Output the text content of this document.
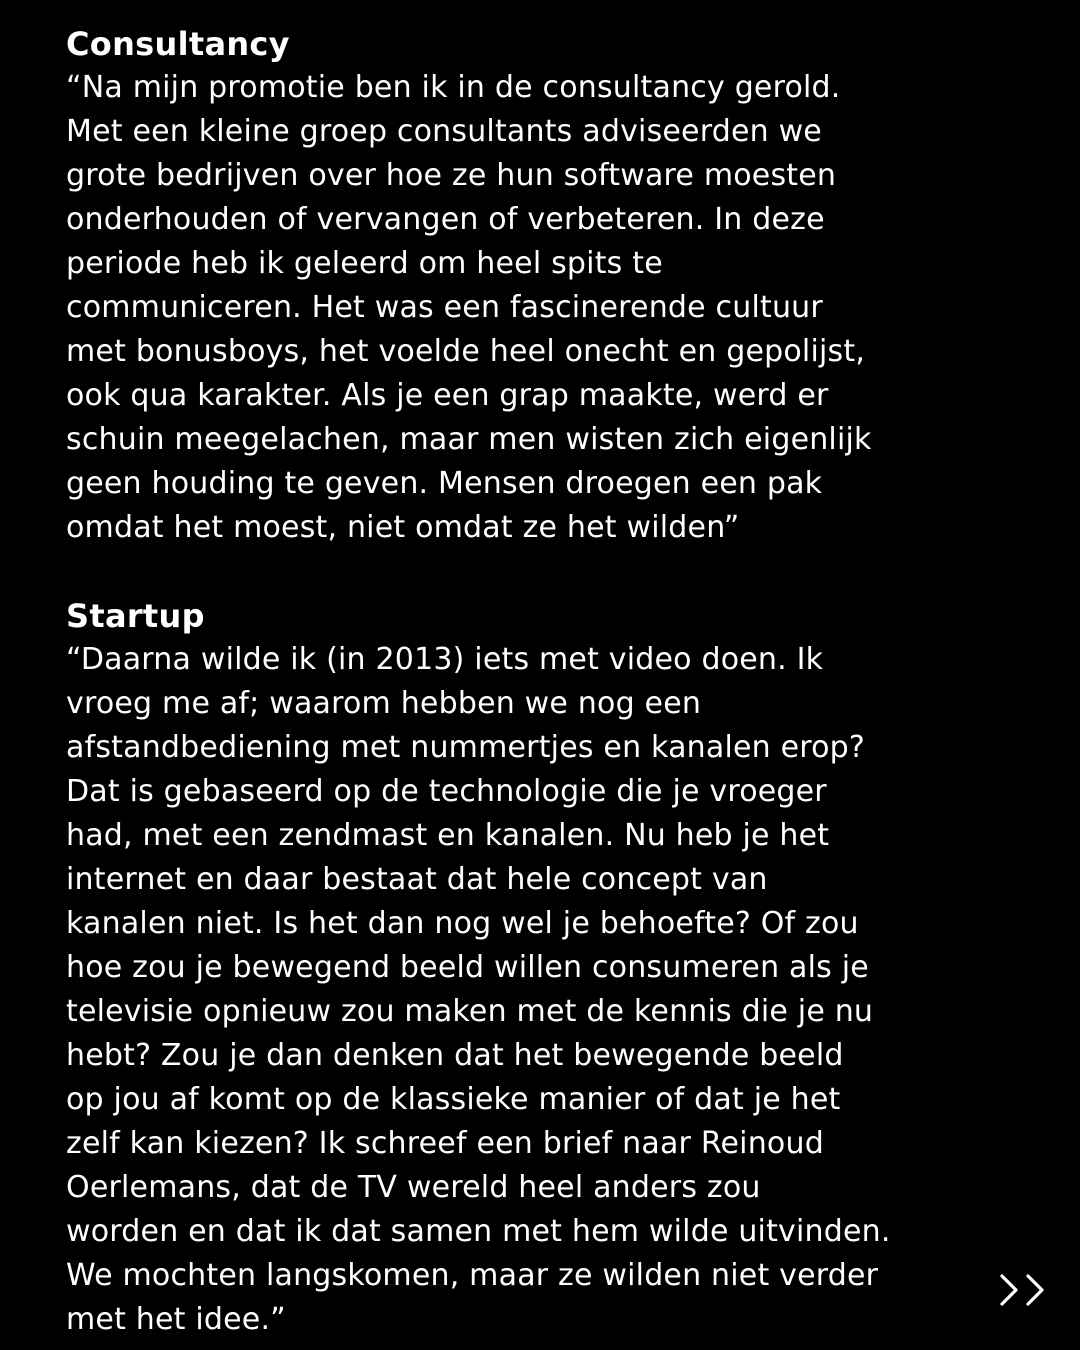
Consultancy

“Na mijn promotie ben ik in de consultancy gerold.
Met een kleine groep consultants adviseerden we
grote bedrijven over hoe ze hun software moesten
onderhouden of vervangen of verbeteren. In deze
periode heb ik geleerd om heel spits te
communiceren. Het was een fascinerende cultuur
met bonusboys, het voelde heel onecht en gepolijst,
ook qua karakter. Als je een grap maakte, werd er
schuin meegelachen, maar men wisten zich eigenlijk
geen houding te geven. Mensen droegen een pak
omdat het moest, niet omdat ze het wilden”

Startup

“Daarna wilde ik (in 2013) iets met video doen. Ik
vroeg me af; waarom hebben we nog een
afstandbediening met nummertjes en kanalen erop?
Dat is gebaseerd op de technologie die je vroeger
had, met een zendmast en kanalen. Nu heb je het
internet en daar bestaat dat hele concept van
kanalen niet. Is het dan nog wel je behoefte? Of zou
hoe zou je bewegend beeld willen consumeren als je
televisie opnieuw zou maken met de kennis die je nu
hebt? Zou je dan denken dat het bewegende beeld
op jou af komt op de klassieke manier of dat je het
zelf kan kiezen? Ik schreef een brief naar Reinoud
Oerlemans, dat de TV wereld heel anders zou
worden en dat ik dat samen met hem wilde uitvinden.
We mochten langskomen, maar ze wilden niet verder
met het idee.”
